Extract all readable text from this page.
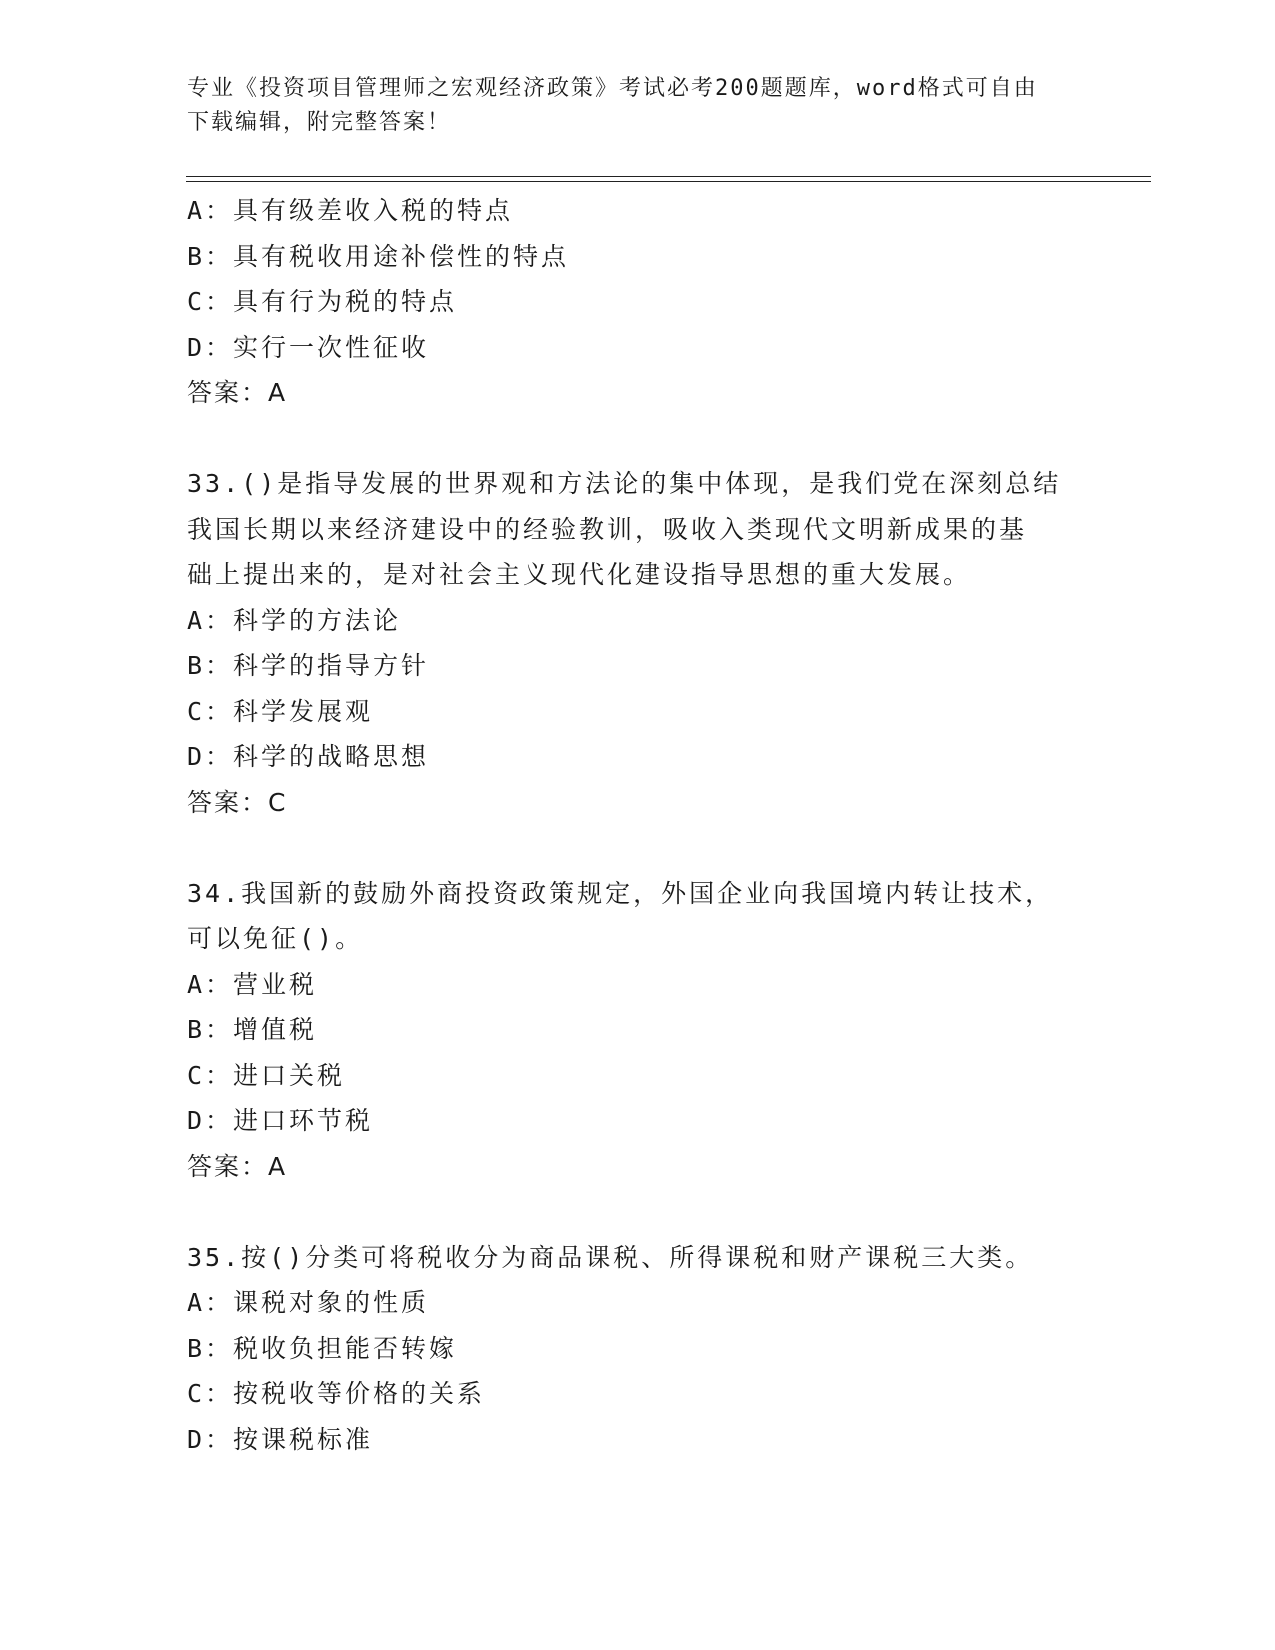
专业《投资项目管理师之宏观经济政策》考试必考200题题库，word格式可自由
下载编辑，附完整答案！
A：具有级差收入税的特点
B：具有税收用途补偿性的特点
C：具有行为税的特点
D：实行一次性征收
答案：A
33.()是指导发展的世界观和方法论的集中体现，是我们党在深刻总结
我国长期以来经济建设中的经验教训，吸收入类现代文明新成果的基
础上提出来的，是对社会主义现代化建设指导思想的重大发展。
A：科学的方法论
B：科学的指导方针
C：科学发展观
D：科学的战略思想
答案：C
34.我国新的鼓励外商投资政策规定，外国企业向我国境内转让技术，
可以免征()。
A：营业税
B：增值税
C：进口关税
D：进口环节税
答案：A
35.按()分类可将税收分为商品课税、所得课税和财产课税三大类。
A：课税对象的性质
B：税收负担能否转嫁
C：按税收等价格的关系
D：按课税标准
